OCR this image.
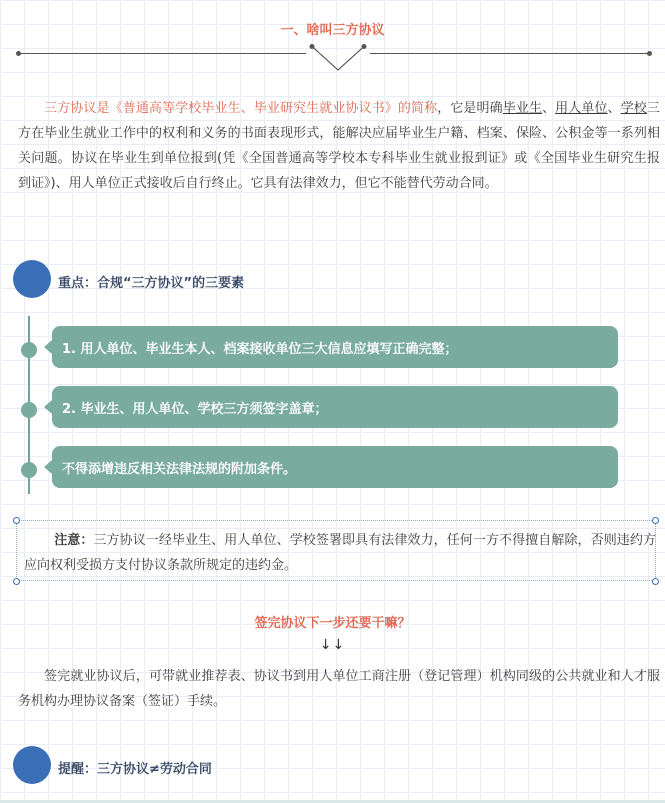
一、啥叫三方协议
  三方协议是《普通高等学校毕业生、毕业研究生就业协议书》的简称，它是明确毕业生、用人单位、学校三方在毕业生就业工作中的权利和义务的书面表现形式，能解决应届毕业生户籍、档案、保险、公积金等一系列相关问题。协议在毕业生到单位报到(凭《全国普通高等学校本专科毕业生就业报到证》或《全国毕业生研究生报到证》)、用人单位正式接收后自行终止。它具有法律效力，但它不能替代劳动合同。
重点：合规“三方协议”的三要素
1. 用人单位、毕业生本人、档案接收单位三大信息应填写正确完整；
2. 毕业生、用人单位、学校三方须签字盖章；
不得添增违反相关法律法规的附加条件。
   注意：三方协议一经毕业生、用人单位、学校签署即具有法律效力，任何一方不得擅自解除，否则违约方应向权利受损方支付协议条款所规定的违约金。
签完协议下一步还要干嘛？
↓↓
  签完就业协议后，可带就业推荐表、协议书到用人单位工商注册（登记管理）机构同级的公共就业和人才服务机构办理协议备案（签证）手续。
提醒：三方协议≠劳动合同
